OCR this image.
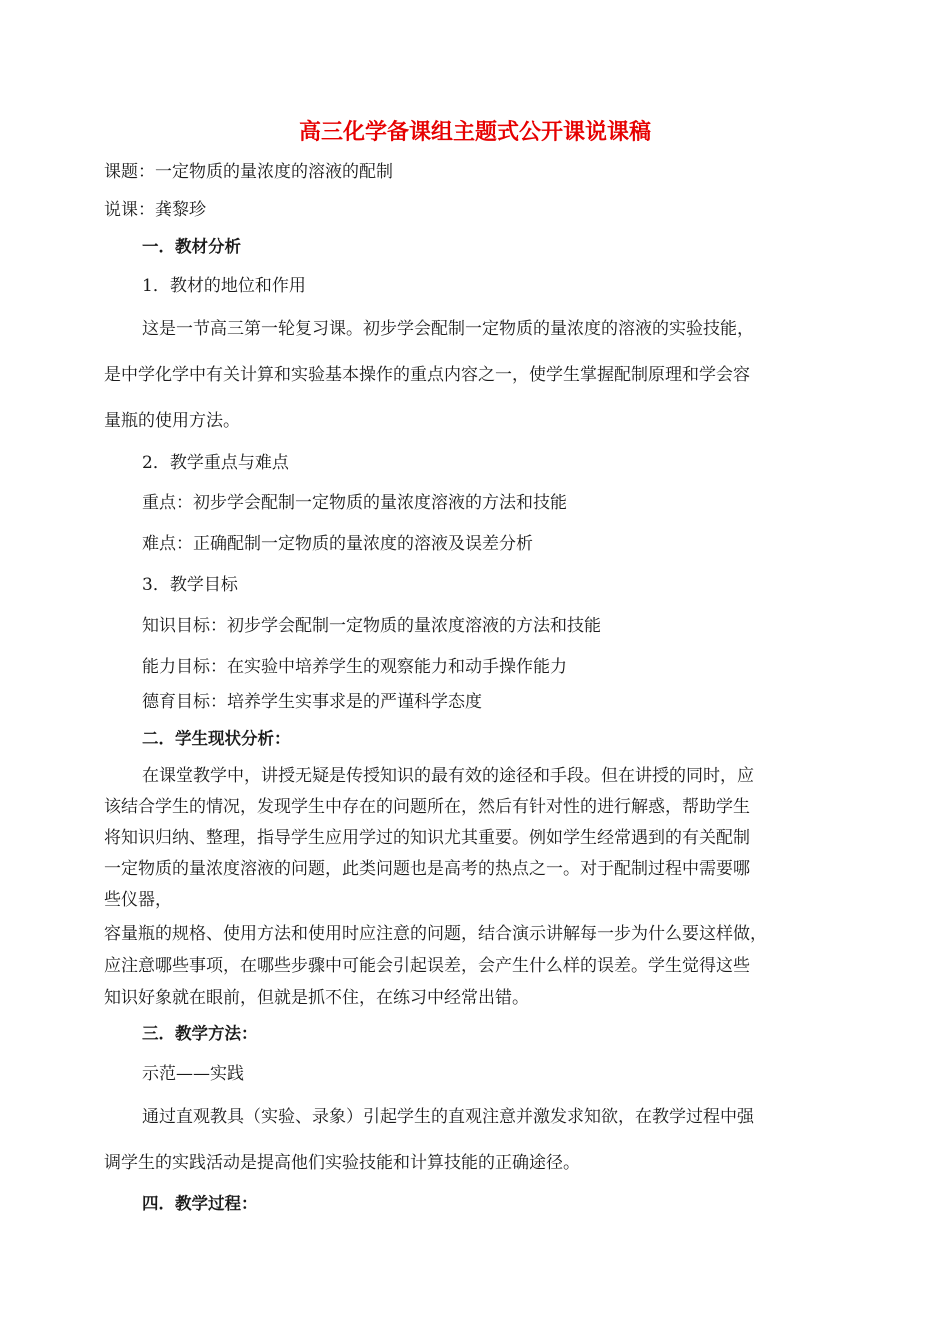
高三化学备课组主题式公开课说课稿
课题：一定物质的量浓度的溶液的配制
说课：龚黎珍
一．教材分析
1．教材的地位和作用
这是一节高三第一轮复习课。初步学会配制一定物质的量浓度的溶液的实验技能，
是中学化学中有关计算和实验基本操作的重点内容之一，使学生掌握配制原理和学会容
量瓶的使用方法。
2．教学重点与难点
重点：初步学会配制一定物质的量浓度溶液的方法和技能
难点：正确配制一定物质的量浓度的溶液及误差分析
3．教学目标
知识目标：初步学会配制一定物质的量浓度溶液的方法和技能
能力目标：在实验中培养学生的观察能力和动手操作能力
德育目标：培养学生实事求是的严谨科学态度
二．学生现状分析：
在课堂教学中，讲授无疑是传授知识的最有效的途径和手段。但在讲授的同时，应
该结合学生的情况，发现学生中存在的问题所在，然后有针对性的进行解惑，帮助学生
将知识归纳、整理，指导学生应用学过的知识尤其重要。例如学生经常遇到的有关配制
一定物质的量浓度溶液的问题，此类问题也是高考的热点之一。对于配制过程中需要哪
些仪器，
容量瓶的规格、使用方法和使用时应注意的问题，结合演示讲解每一步为什么要这样做，
应注意哪些事项，在哪些步骤中可能会引起误差，会产生什么样的误差。学生觉得这些
知识好象就在眼前，但就是抓不住，在练习中经常出错。
三．教学方法：
示范——实践
通过直观教具（实验、录象）引起学生的直观注意并激发求知欲，在教学过程中强
调学生的实践活动是提高他们实验技能和计算技能的正确途径。
四．教学过程：
